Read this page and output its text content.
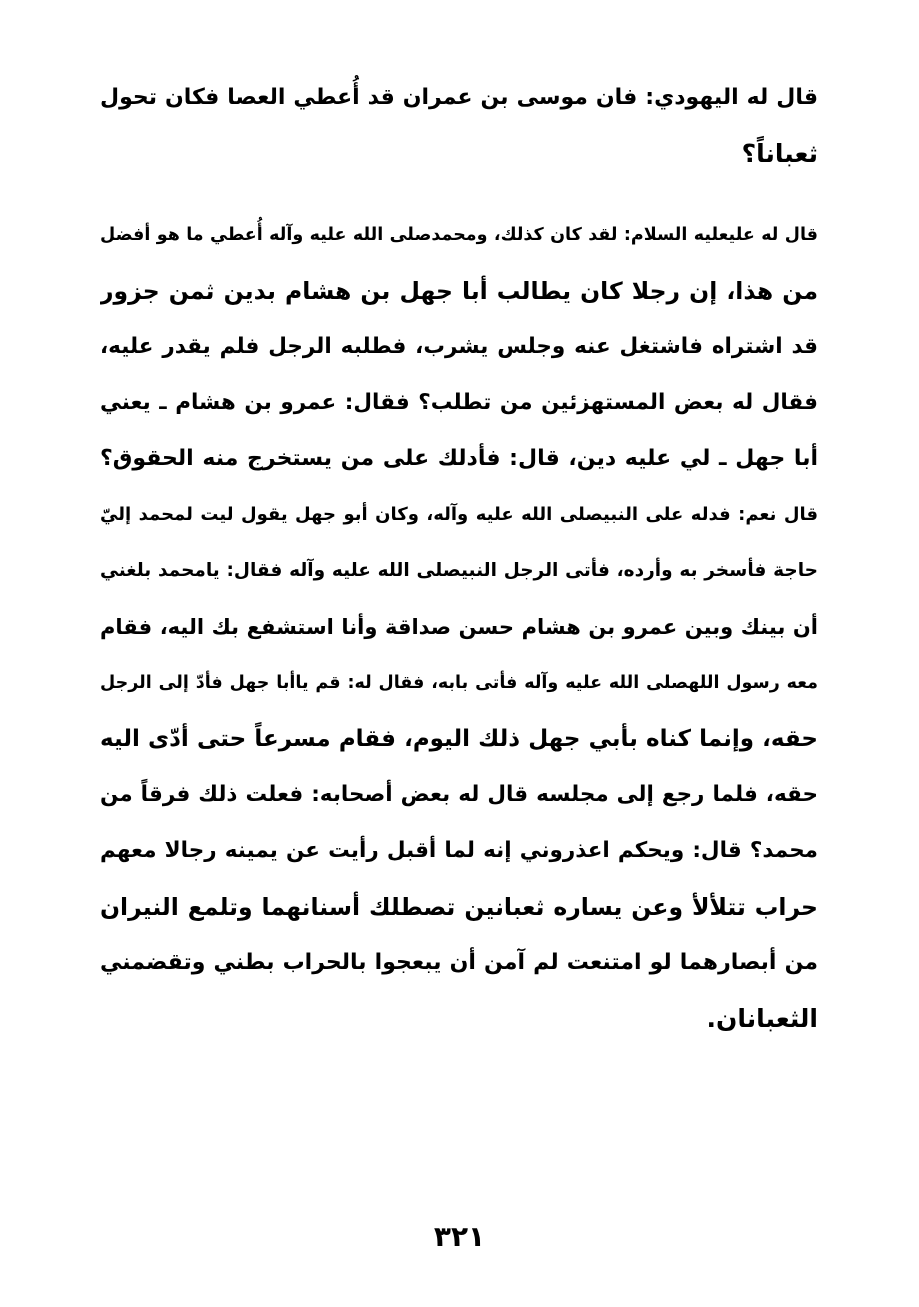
قال له اليهودي: فان موسى بن عمران قد أُعطي العصا فكان تحول
ثعباناً؟
قال له عليعليه السلام: لقد كان كذلك، ومحمدصلى الله عليه وآله أُعطي ما هو أفضل
من هذا، إن رجلا كان يطالب أبا جهل بن هشام بدين ثمن جزور
قد اشتراه فاشتغل عنه وجلس يشرب، فطلبه الرجل فلم يقدر عليه،
فقال له بعض المستهزئين من تطلب؟ فقال: عمرو بن هشام ـ يعني
أبا جهل ـ لي عليه دين، قال: فأدلك على من يستخرج منه الحقوق؟
قال نعم: فدله على النبيصلى الله عليه وآله، وكان أبو جهل يقول ليت لمحمد إليّ
حاجة فأسخر به وأرده، فأتى الرجل النبيصلى الله عليه وآله فقال: يامحمد بلغني
أن بينك وبين عمرو بن هشام حسن صداقة وأنا استشفع بك اليه، فقام
معه رسول اللهصلى الله عليه وآله فأتى بابه، فقال له: قم ياأبا جهل فأدّ إلى الرجل
حقه، وإنما كناه بأبي جهل ذلك اليوم، فقام مسرعاً حتى أدّى اليه
حقه، فلما رجع إلى مجلسه قال له بعض أصحابه: فعلت ذلك فرقاً من
محمد؟ قال: ويحكم اعذروني إنه لما أقبل رأيت عن يمينه رجالا معهم
حراب تتلألأ وعن يساره ثعبانين تصطلك أسنانهما وتلمع النيران
من أبصارهما لو امتنعت لم آمن أن يبعجوا بالحراب بطني وتقضمني
الثعبانان.
٣٢١
